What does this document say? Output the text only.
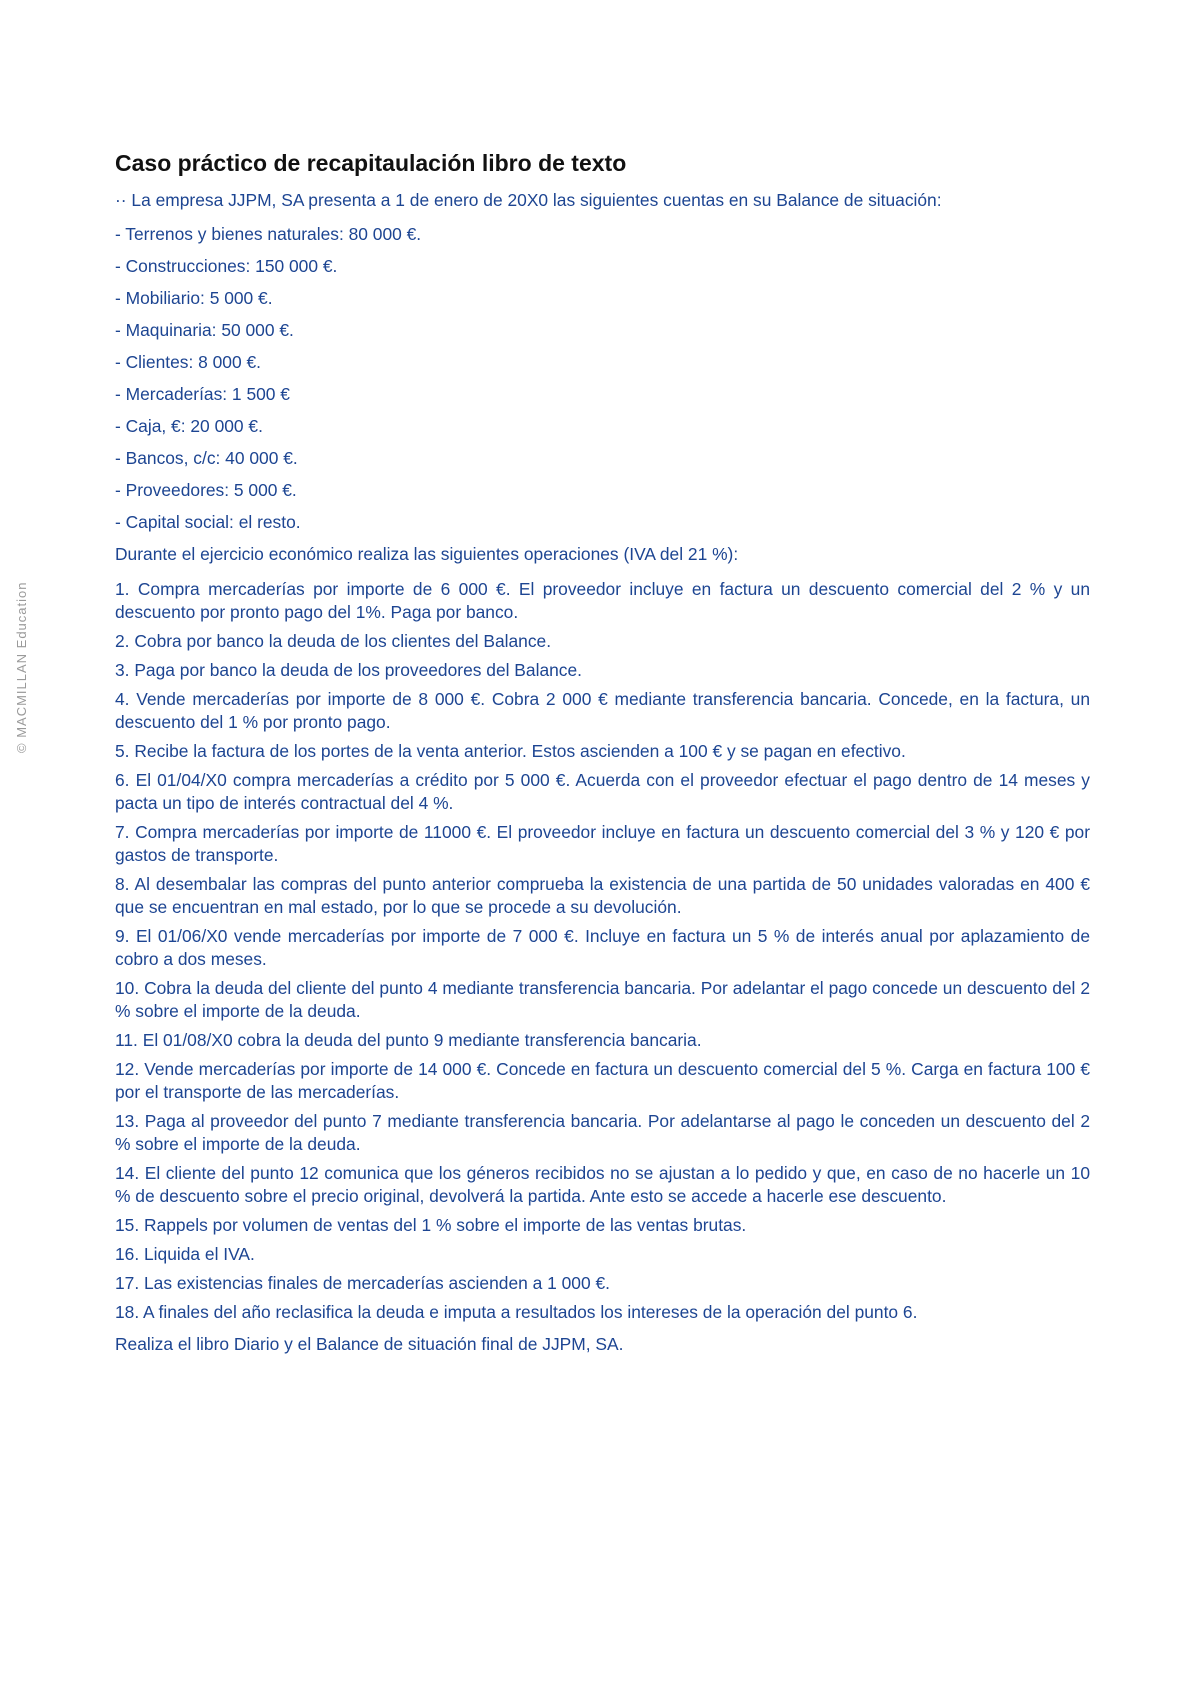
© MACMILLAN Education
Caso práctico de recapitaulación libro de texto

·· La empresa JJPM, SA presenta a 1 de enero de 20X0 las siguientes cuentas en su Balance de situación:

- Terrenos y bienes naturales: 80 000 €.
- Construcciones: 150 000 €.
- Mobiliario: 5 000 €.
- Maquinaria: 50 000 €.
- Clientes: 8 000 €.
- Mercaderías: 1 500 €
- Caja, €: 20 000 €.
- Bancos, c/c: 40 000 €.
- Proveedores: 5 000 €.
- Capital social: el resto.

Durante el ejercicio económico realiza las siguientes operaciones (IVA del 21 %):

1. Compra mercaderías por importe de 6 000 €. El proveedor incluye en factura un descuento comercial del 2 % y un descuento por pronto pago del 1%. Paga por banco.
2. Cobra por banco la deuda de los clientes del Balance.
3. Paga por banco la deuda de los proveedores del Balance.
4. Vende mercaderías por importe de 8 000 €. Cobra 2 000 € mediante transferencia bancaria. Concede, en la factura, un descuento del 1 % por pronto pago.
5. Recibe la factura de los portes de la venta anterior. Estos ascienden a 100 € y se pagan en efectivo.
6. El 01/04/X0 compra mercaderías a crédito por 5 000 €. Acuerda con el proveedor efectuar el pago dentro de 14 meses y pacta un tipo de interés contractual del 4 %.
7. Compra mercaderías por importe de 11000 €. El proveedor incluye en factura un descuento comercial del 3 % y 120 € por gastos de transporte.
8. Al desembalar las compras del punto anterior comprueba la existencia de una partida de 50 unidades valoradas en 400 € que se encuentran en mal estado, por lo que se procede a su devolución.
9. El 01/06/X0 vende mercaderías por importe de 7 000 €. Incluye en factura un 5 % de interés anual por aplazamiento de cobro a dos meses.
10. Cobra la deuda del cliente del punto 4 mediante transferencia bancaria. Por adelantar el pago concede un descuento del 2 % sobre el importe de la deuda.
11. El 01/08/X0 cobra la deuda del punto 9 mediante transferencia bancaria.
12. Vende mercaderías por importe de 14 000 €. Concede en factura un descuento comercial del 5 %. Carga en factura 100 € por el transporte de las mercaderías.
13. Paga al proveedor del punto 7 mediante transferencia bancaria. Por adelantarse al pago le conceden un descuento del 2 % sobre el importe de la deuda.
14. El cliente del punto 12 comunica que los géneros recibidos no se ajustan a lo pedido y que, en caso de no hacerle un 10 % de descuento sobre el precio original, devolverá la partida. Ante esto se accede a hacerle ese descuento.
15. Rappels por volumen de ventas del 1 % sobre el importe de las ventas brutas.
16. Liquida el IVA.
17. Las existencias finales de mercaderías ascienden a 1 000 €.
18. A finales del año reclasifica la deuda e imputa a resultados los intereses de la operación del punto 6.

Realiza el libro Diario y el Balance de situación final de JJPM, SA.
